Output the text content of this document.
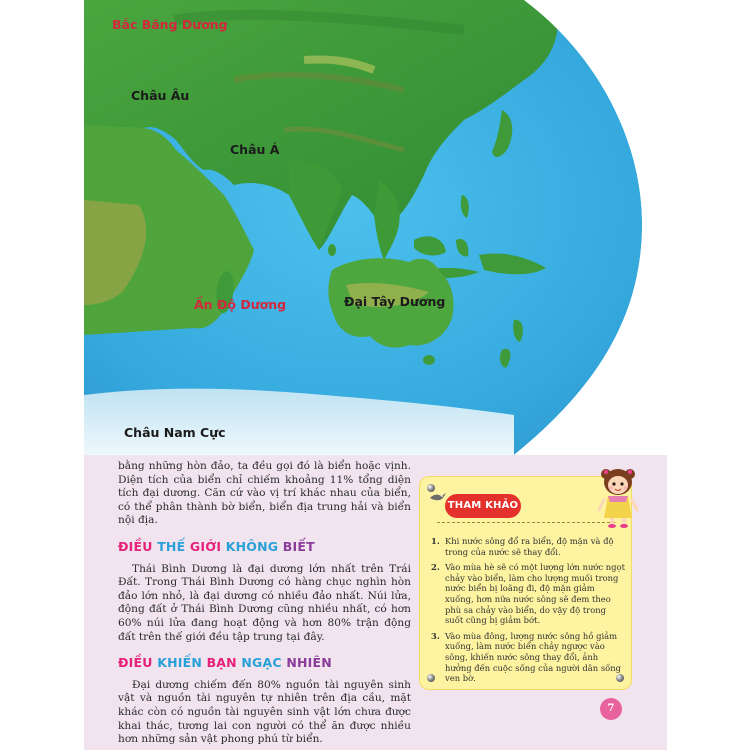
Bắc Băng Dương
Châu Âu
Châu Á
Ấn Độ Dương	Đại Tây Dương
Châu Nam Cực

bằng những hòn đảo, ta đều gọi đó là biển hoặc vịnh. Diện tích của biển chỉ chiếm khoảng 11% tổng diện tích đại dương. Căn cứ vào vị trí khác nhau của biển, có thể phân thành bờ biển, biển địa trung hải và biển nội địa.

ĐIỀU THẾ GIỚI KHÔNG BIẾT

Thái Bình Dương là đại dương lớn nhất trên Trái Đất. Trong Thái Bình Dương có hàng chục nghìn hòn đảo lớn nhỏ, là đại dương có nhiều đảo nhất. Núi lửa, động đất ở Thái Bình Dương cũng nhiều nhất, có hơn 60% núi lửa đang hoạt động và hơn 80% trận động đất trên thế giới đều tập trung tại đây.

ĐIỀU KHIẾN BẠN NGẠC NHIÊN

Đại dương chiếm đến 80% nguồn tài nguyên sinh vật và nguồn tài nguyên tự nhiên trên địa cầu, mặt khác còn có nguồn tài nguyên sinh vật lớn chưa được khai thác, tương lai con người có thể ăn được nhiều hơn những sản vật phong phú từ biển.

THAM KHẢO
1. Khi nước sông đổ ra biển, độ mặn và độ trong của nước sẽ thay đổi.
2. Vào mùa hè sẽ có một lượng lớn nước ngọt chảy vào biển, làm cho lượng muối trong nước biển bị loãng đi, độ mặn giảm xuống, hơn nữa nước sông sẽ đem theo phù sa chảy vào biển, do vậy độ trong suốt cũng bị giảm bớt.
3. Vào mùa đông, lượng nước sông hồ giảm xuống, làm nước biển chảy ngược vào sông, khiến nước sông thay đổi, ảnh hưởng đến cuộc sống của người dân sống ven bờ.
7
